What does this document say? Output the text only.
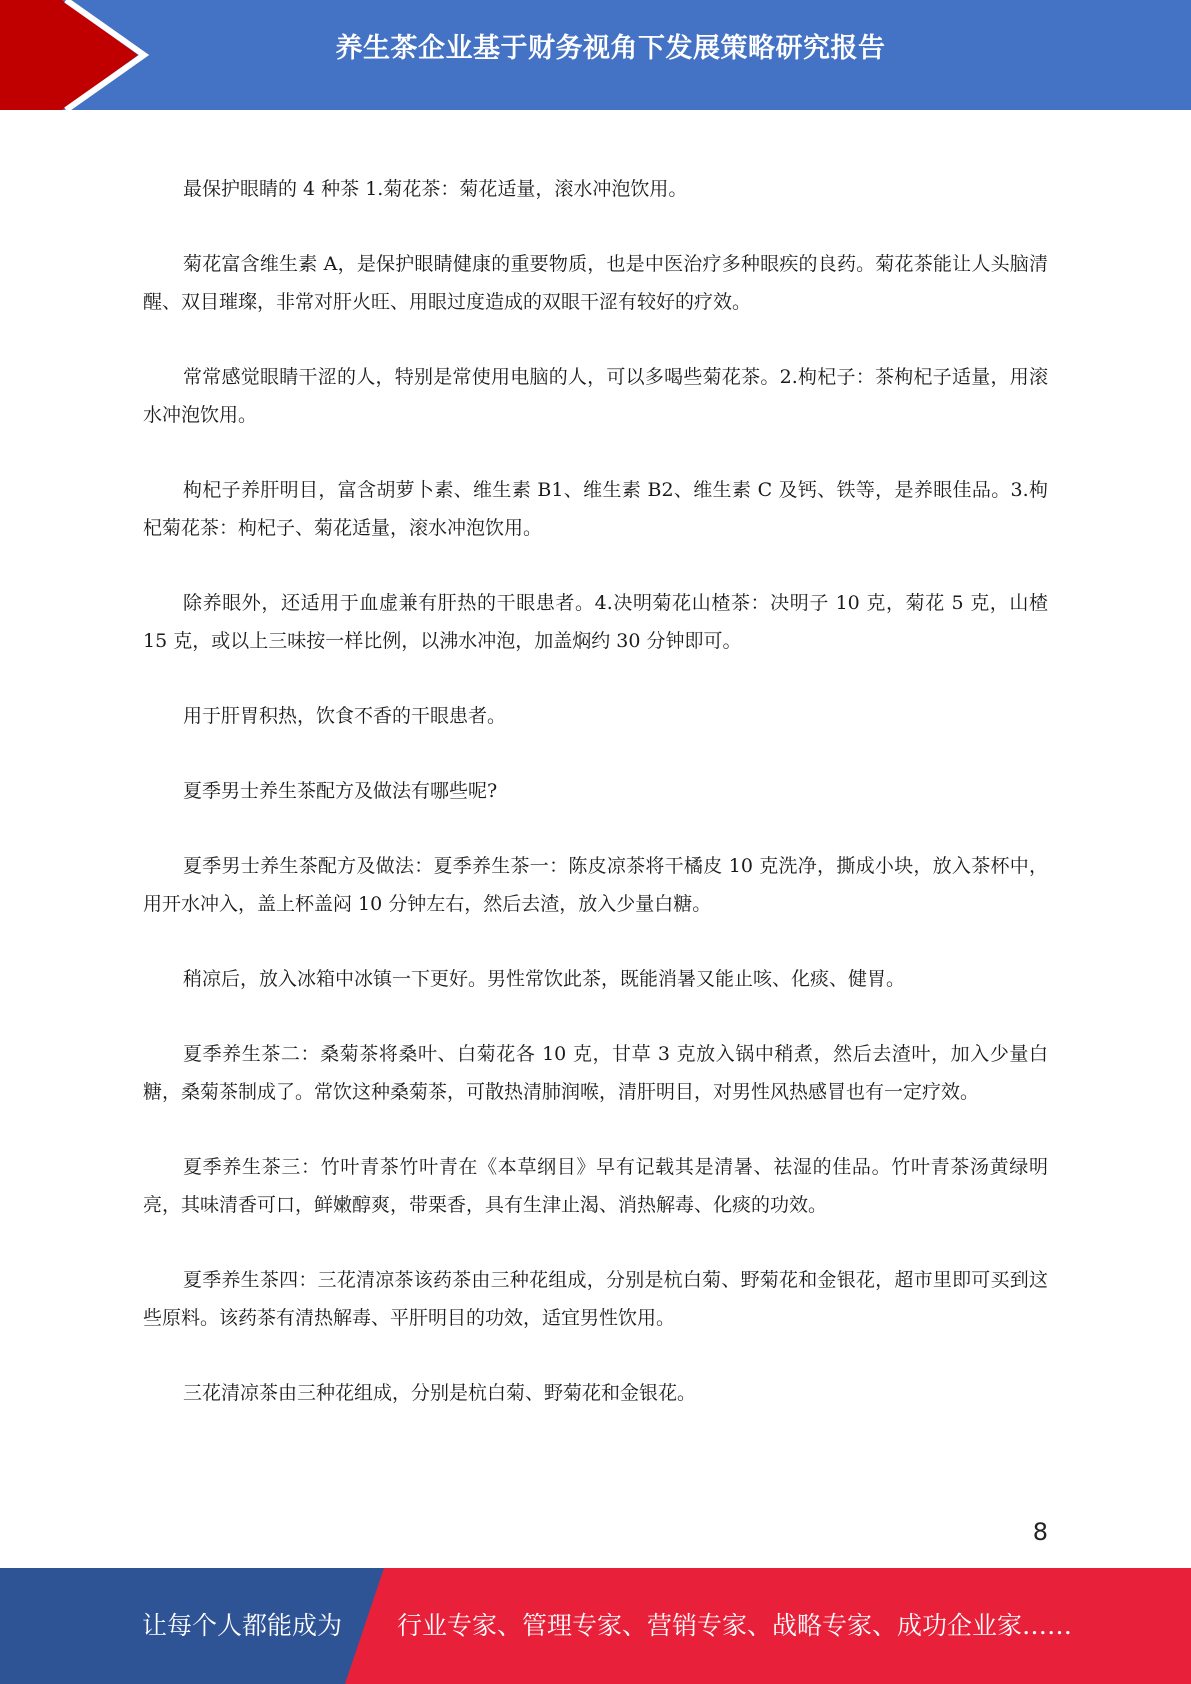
养生茶企业基于财务视角下发展策略研究报告

最保护眼睛的 4 种茶 1.菊花茶：菊花适量，滚水冲泡饮用。

菊花富含维生素 A，是保护眼睛健康的重要物质，也是中医治疗多种眼疾的良药。菊花茶能让人头脑清醒、双目璀璨，非常对肝火旺、用眼过度造成的双眼干涩有较好的疗效。

常常感觉眼睛干涩的人，特别是常使用电脑的人，可以多喝些菊花茶。2.枸杞子：茶枸杞子适量，用滚水冲泡饮用。

枸杞子养肝明目，富含胡萝卜素、维生素 B1、维生素 B2、维生素 C 及钙、铁等，是养眼佳品。3.枸杞菊花茶：枸杞子、菊花适量，滚水冲泡饮用。

除养眼外，还适用于血虚兼有肝热的干眼患者。4.决明菊花山楂茶：决明子 10 克，菊花 5 克，山楂 15 克，或以上三味按一样比例，以沸水冲泡，加盖焖约 30 分钟即可。

用于肝胃积热，饮食不香的干眼患者。

夏季男士养生茶配方及做法有哪些呢?

夏季男士养生茶配方及做法：夏季养生茶一：陈皮凉茶将干橘皮 10 克洗净，撕成小块，放入茶杯中，用开水冲入，盖上杯盖闷 10 分钟左右，然后去渣，放入少量白糖。

稍凉后，放入冰箱中冰镇一下更好。男性常饮此茶，既能消暑又能止咳、化痰、健胃。

夏季养生茶二：桑菊茶将桑叶、白菊花各 10 克，甘草 3 克放入锅中稍煮，然后去渣叶，加入少量白糖，桑菊茶制成了。常饮这种桑菊茶，可散热清肺润喉，清肝明目，对男性风热感冒也有一定疗效。

夏季养生茶三：竹叶青茶竹叶青在《本草纲目》早有记载其是清暑、祛湿的佳品。竹叶青茶汤黄绿明亮，其味清香可口，鲜嫩醇爽，带栗香，具有生津止渴、消热解毒、化痰的功效。

夏季养生茶四：三花清凉茶该药茶由三种花组成，分别是杭白菊、野菊花和金银花，超市里即可买到这些原料。该药茶有清热解毒、平肝明目的功效，适宜男性饮用。

三花清凉茶由三种花组成，分别是杭白菊、野菊花和金银花。

8
让每个人都能成为 行业专家、管理专家、营销专家、战略专家、成功企业家……
